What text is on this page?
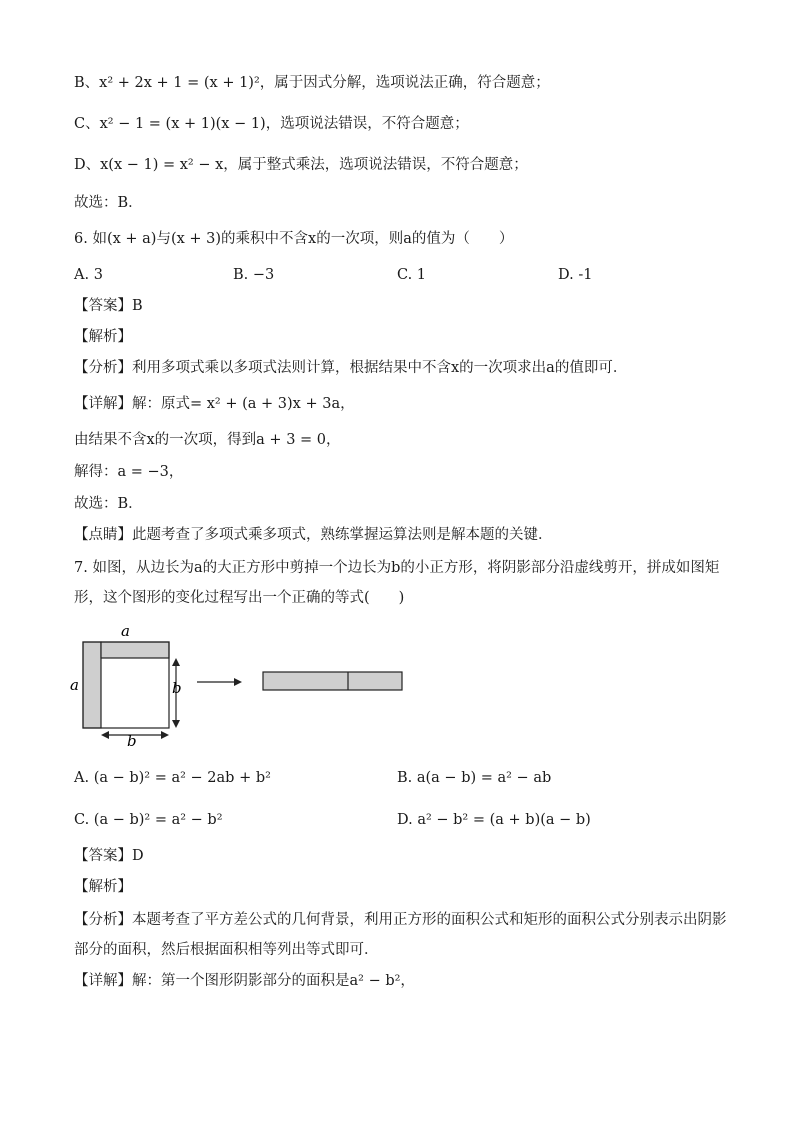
B、x² + 2x + 1 = (x + 1)²，属于因式分解，选项说法正确，符合题意；
C、x² − 1 = (x + 1)(x − 1)，选项说法错误，不符合题意；
D、x(x − 1) = x² − x，属于整式乘法，选项说法错误，不符合题意；
故选：B．
6. 如(x + a)与(x + 3)的乘积中不含x的一次项，则a的值为（　　）
A. 3	B. −3	C. 1	D. -1
【答案】B
【解析】
【分析】利用多项式乘以多项式法则计算，根据结果中不含x的一次项求出a的值即可．
【详解】解：原式= x² + (a + 3)x + 3a，
由结果不含x的一次项，得到a + 3 = 0，
解得：a = −3，
故选：B．
【点睛】此题考查了多项式乘多项式，熟练掌握运算法则是解本题的关键．
7. 如图，从边长为a的大正方形中剪掉一个边长为b的小正方形，将阴影部分沿虚线剪开，拼成如图矩形，这个图形的变化过程写出一个正确的等式(　　)
a
a	b
b
A. (a − b)² = a² − 2ab + b²	B. a(a − b) = a² − ab
C. (a − b)² = a² − b²	D. a² − b² = (a + b)(a − b)
【答案】D
【解析】
【分析】本题考查了平方差公式的几何背景，利用正方形的面积公式和矩形的面积公式分别表示出阴影部分的面积，然后根据面积相等列出等式即可．
【详解】解：第一个图形阴影部分的面积是a² − b²，
